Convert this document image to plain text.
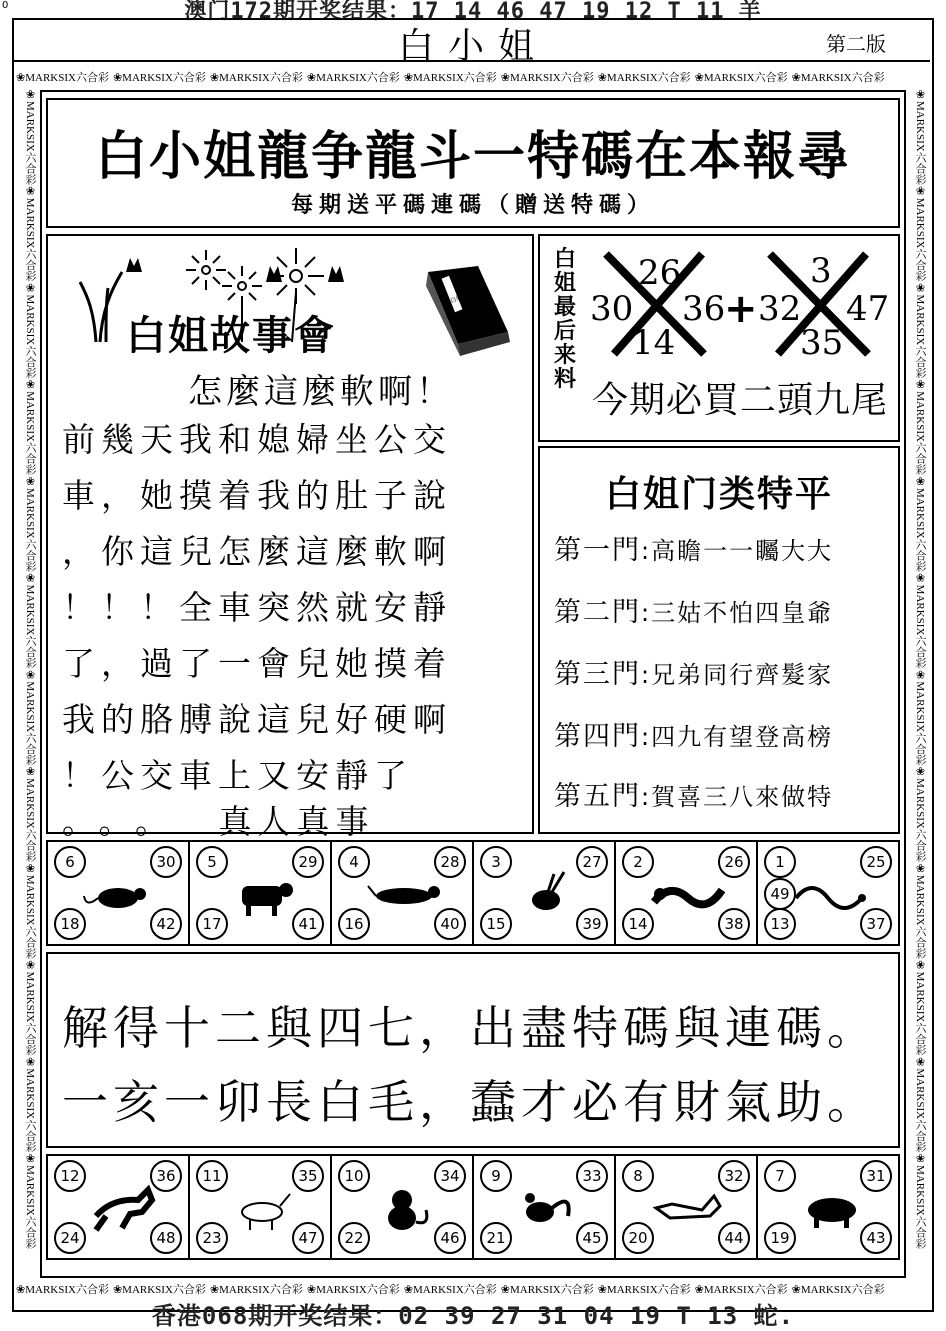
0	澳门172期开奖结果：17 14 46 47 19 12 T 11 羊
白小姐	第二版
❀MARKSIX六合彩 ❀MARKSIX六合彩 ❀MARKSIX六合彩 ❀MARKSIX六合彩 ❀MARKSIX六合彩 ❀MARKSIX六合彩 ❀MARKSIX六合彩 ❀MARKSIX六合彩 ❀MARKSIX六合彩
❀MARKSIX六合彩 ❀MARKSIX六合彩 ❀MARKSIX六合彩 ❀MARKSIX六合彩 ❀MARKSIX六合彩 ❀MARKSIX六合彩 ❀MARKSIX六合彩 ❀MARKSIX六合彩 ❀MARKSIX六合彩
❀MARKSIX六合彩❀MARKSIX六合彩❀MARKSIX六合彩❀MARKSIX六合彩❀MARKSIX六合彩❀MARKSIX六合彩❀MARKSIX六合彩❀MARKSIX六合彩❀MARKSIX六合彩❀MARKSIX六合彩❀MARKSIX六合彩❀MARKSIX六合彩
❀MARKSIX六合彩❀MARKSIX六合彩❀MARKSIX六合彩❀MARKSIX六合彩❀MARKSIX六合彩❀MARKSIX六合彩❀MARKSIX六合彩❀MARKSIX六合彩❀MARKSIX六合彩❀MARKSIX六合彩❀MARKSIX六合彩❀MARKSIX六合彩
白小姐龍争龍斗一特碼在本報尋
每期送平碼連碼（贈送特碼）
白姐故事
白姐故事會
怎麼這麼軟啊！
前幾天我和媳婦坐公交
車，她摸着我的肚子說
，你這兒怎麼這麼軟啊
！！！全車突然就安靜
了，過了一會兒她摸着
我的胳膊說這兒好硬啊
！公交車上又安靜了
。。。 真人真事
白姐最后来料
26
30 36
14
+
3
32 47
35
今期必買二頭九尾
白姐门类特平
第一門:高瞻一一矚大大
第二門:三姑不怕四皇爺
第三門:兄弟同行齊髮家
第四門:四九有望登高榜
第五門:賀喜三八來做特
6	30
18	42
5	29
17	41
4	28
16	40
3	27
15	39
2	26
14	38
1	25
13	37
49
解得十二與四七，出盡特碼與連碼。
一亥一卯長白毛，蠢才必有財氣助。
12	36
24	48
11	35
23	47
10	34
22	46
9	33
21	45
8	32
20	44
7	31
19	43
香港068期开奖结果：02 39 27 31 04 19 T 13 蛇.
